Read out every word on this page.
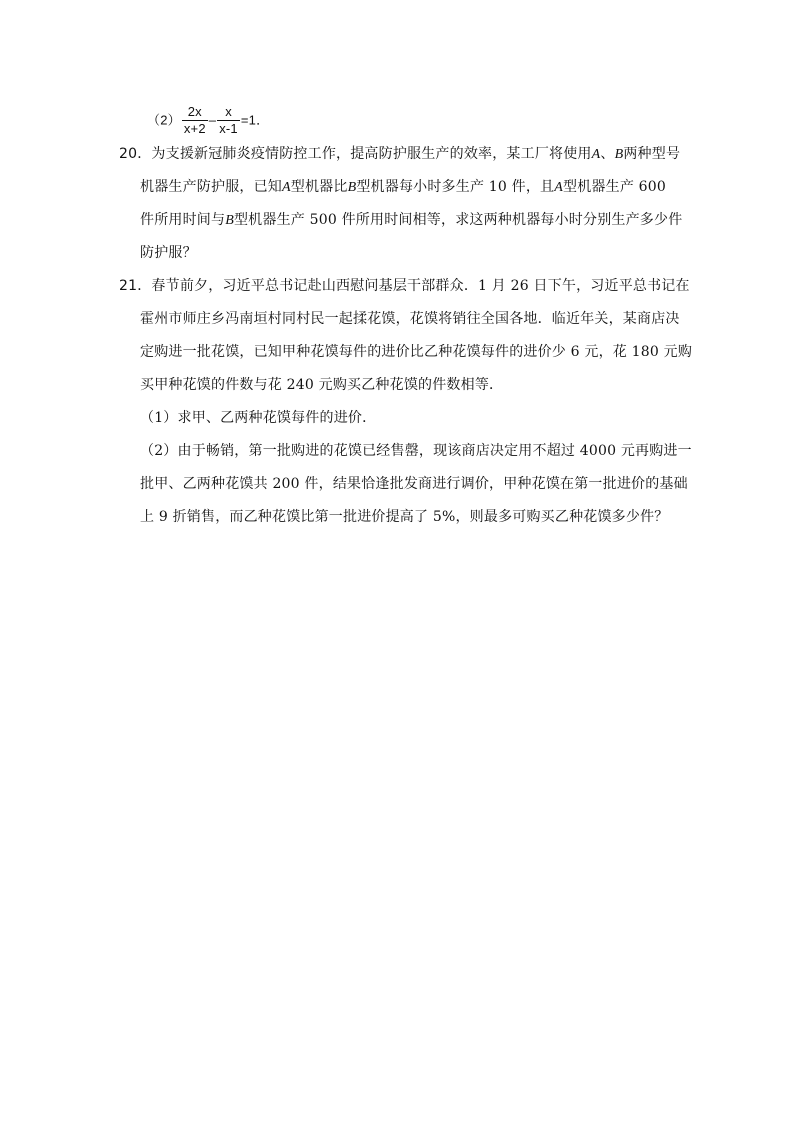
$(2) \frac{2x}{x+2} - \frac{x}{x-1} =1$．
20．为支援新冠肺炎疫情防控工作，提高防护服生产的效率，某工厂将使用A、B两种型号
机器生产防护服，已知A型机器比B型机器每小时多生产 10 件，且A型机器生产 600
件所用时间与B型机器生产 500 件所用时间相等，求这两种机器每小时分别生产多少件
防护服？
21．春节前夕，习近平总书记赴山西慰问基层干部群众．1 月 26 日下午，习近平总书记在
霍州市师庄乡冯南垣村同村民一起揉花馍，花馍将销往全国各地．临近年关，某商店决
定购进一批花馍，已知甲种花馍每件的进价比乙种花馍每件的进价少 6 元，花 180 元购
买甲种花馍的件数与花 240 元购买乙种花馍的件数相等．
（1）求甲、乙两种花馍每件的进价．
（2）由于畅销，第一批购进的花馍已经售罄，现该商店决定用不超过 4000 元再购进一
批甲、乙两种花馍共 200 件，结果恰逢批发商进行调价，甲种花馍在第一批进价的基础
上 9 折销售，而乙种花馍比第一批进价提高了 5%，则最多可购买乙种花馍多少件？
